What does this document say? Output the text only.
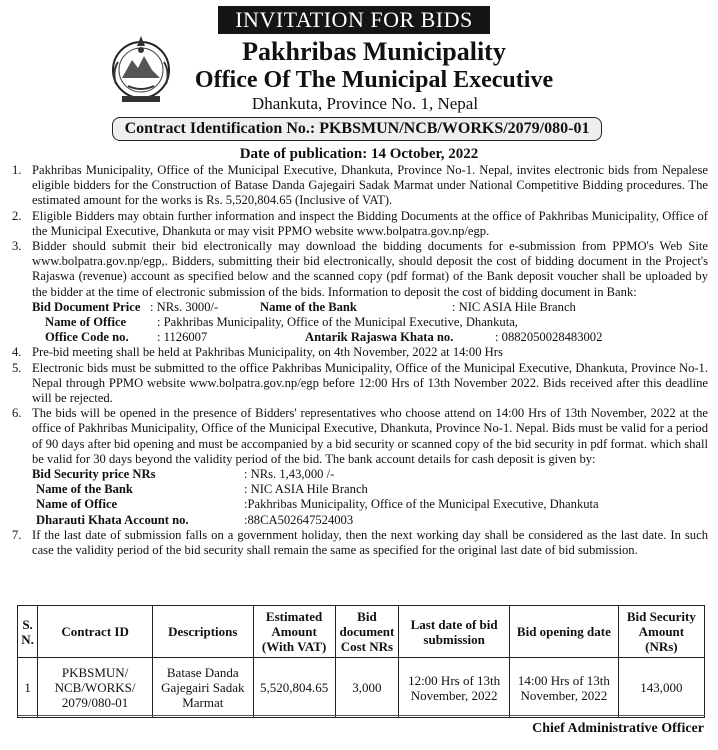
INVITATION FOR BIDS
Pakhribas Municipality
Office Of The Municipal Executive
Dhankuta, Province No. 1, Nepal
Contract Identification No.: PKBSMUN/NCB/WORKS/2079/080-01
Date of publication: 14 October, 2022
1. Pakhribas Municipality, Office of the Municipal Executive, Dhankuta, Province No-1. Nepal, invites electronic bids from Nepalese eligible bidders for the Construction of Batase Danda Gajegairi Sadak Marmat under National Competitive Bidding procedures. The estimated amount for the works is Rs. 5,520,804.65 (Inclusive of VAT).
2. Eligible Bidders may obtain further information and inspect the Bidding Documents at the office of Pakhribas Municipality, Office of the Municipal Executive, Dhankuta or may visit PPMO website www.bolpatra.gov.np/egp.
3. Bidder should submit their bid electronically may download the bidding documents for e-submission from PPMO's Web Site www.bolpatra.gov.np/egp,. Bidders, submitting their bid electronically, should deposit the cost of bidding document in the Project's Rajaswa (revenue) account as specified below and the scanned copy (pdf format) of the Bank deposit voucher shall be uploaded by the bidder at the time of electronic submission of the bids. Information to deposit the cost of bidding document in Bank:
Bid Document Price : NRs. 3000/-	Name of the Bank	: NIC ASIA Hile Branch
Name of Office	: Pakhribas Municipality, Office of the Municipal Executive, Dhankuta,
Office Code no.	: 1126007	Antarik Rajaswa Khata no.	: 0882050028483002
4. Pre-bid meeting shall be held at Pakhribas Municipality, on 4th November, 2022 at 14:00 Hrs
5. Electronic bids must be submitted to the office Pakhribas Municipality, Office of the Municipal Executive, Dhankuta, Province No-1. Nepal through PPMO website www.bolpatra.gov.np/egp before 12:00 Hrs of 13th November 2022. Bids received after this deadline will be rejected.
6. The bids will be opened in the presence of Bidders' representatives who choose attend on 14:00 Hrs of 13th November, 2022 at the office of Pakhribas Municipality, Office of the Municipal Executive, Dhankuta, Province No-1. Nepal. Bids must be valid for a period of 90 days after bid opening and must be accompanied by a bid security or scanned copy of the bid security in pdf format. which shall be valid for 30 days beyond the validity period of the bid. The bank account details for cash deposit is given by:
Bid Security price NRs	: NRs. 1,43,000 /-
Name of the Bank	: NIC ASIA Hile Branch
Name of Office	:Pakhribas Municipality, Office of the Municipal Executive, Dhankuta
Dharauti Khata Account no.	:88CA502647524003
7. If the last date of submission falls on a government holiday, then the next working day shall be considered as the last date. In such case the validity period of the bid security shall remain the same as specified for the original last date of bid submission.
S. N.	Contract ID	Descriptions	Estimated Amount (With VAT)	Bid document Cost NRs	Last date of bid submission	Bid opening date	Bid Security Amount (NRs)
1	PKBSMUN/ NCB/WORKS/ 2079/080-01	Batase Danda Gajegairi Sadak Marmat	5,520,804.65	3,000	12:00 Hrs of 13th November, 2022	14:00 Hrs of 13th November, 2022	143,000
Chief Administrative Officer
